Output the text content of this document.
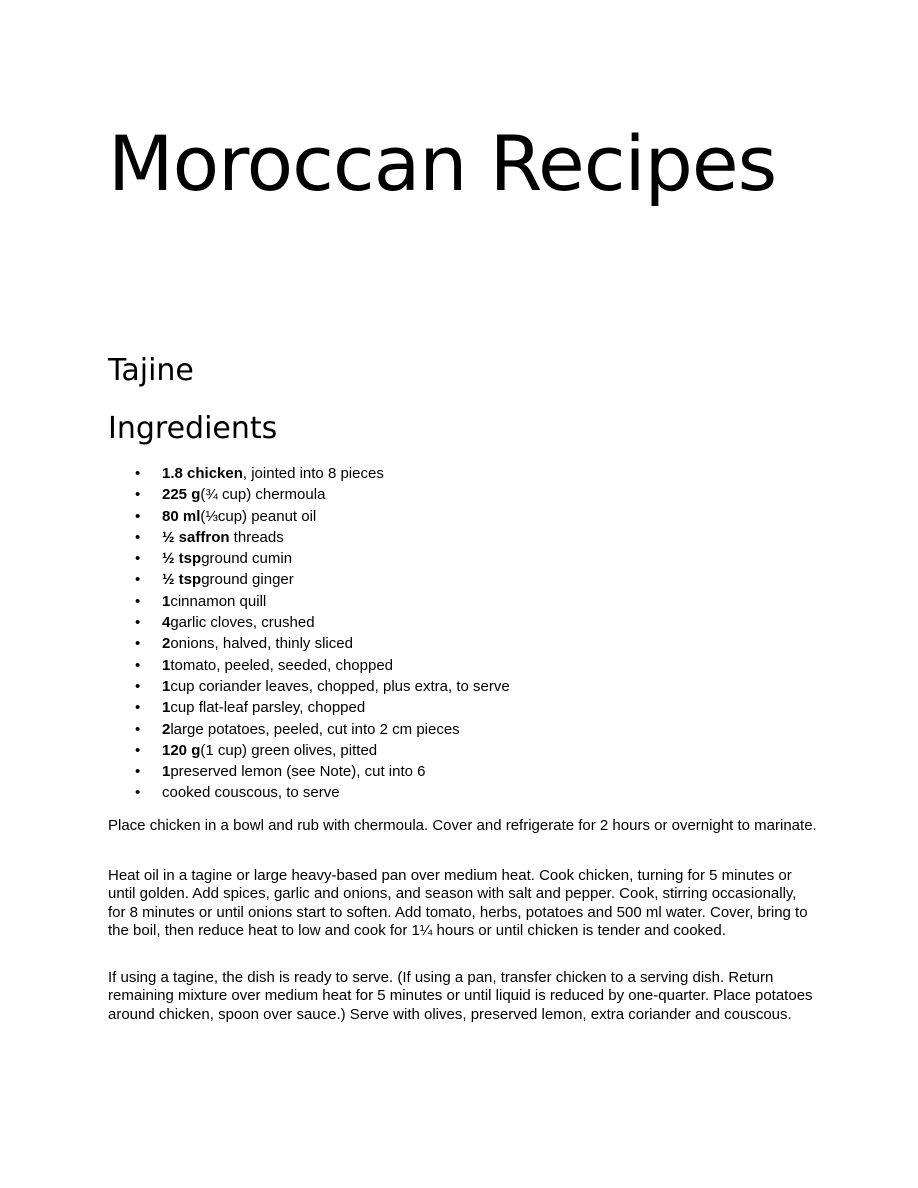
Moroccan Recipes
Tajine
Ingredients
• 1.8 chicken, jointed into 8 pieces
• 225 g(¾ cup) chermoula
• 80 ml(⅓cup) peanut oil
• ½ saffron threads
• ½ tspground cumin
• ½ tspground ginger
• 1cinnamon quill
• 4garlic cloves, crushed
• 2onions, halved, thinly sliced
• 1tomato, peeled, seeded, chopped
• 1cup coriander leaves, chopped, plus extra, to serve
• 1cup flat-leaf parsley, chopped
• 2large potatoes, peeled, cut into 2 cm pieces
• 120 g(1 cup) green olives, pitted
• 1preserved lemon (see Note), cut into 6
• cooked couscous, to serve

Place chicken in a bowl and rub with chermoula. Cover and refrigerate for 2 hours or overnight to marinate.

Heat oil in a tagine or large heavy-based pan over medium heat. Cook chicken, turning for 5 minutes or until golden. Add spices, garlic and onions, and season with salt and pepper. Cook, stirring occasionally, for 8 minutes or until onions start to soften. Add tomato, herbs, potatoes and 500 ml water. Cover, bring to the boil, then reduce heat to low and cook for 1¼ hours or until chicken is tender and cooked.

If using a tagine, the dish is ready to serve. (If using a pan, transfer chicken to a serving dish. Return remaining mixture over medium heat for 5 minutes or until liquid is reduced by one-quarter. Place potatoes around chicken, spoon over sauce.) Serve with olives, preserved lemon, extra coriander and couscous.
